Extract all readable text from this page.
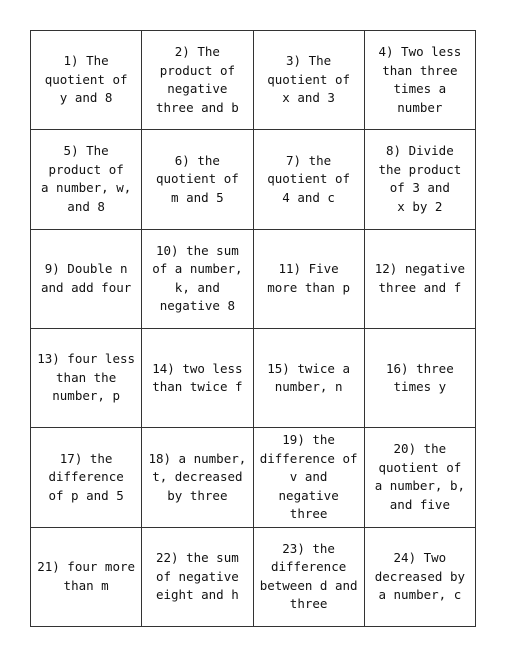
1) The
quotient of
y and 8
2) The
product of
negative
three and b
3) The
quotient of
x and 3
4) Two less
than three
times a
number
5) The
product of
a number, w,
and 8
6) the
quotient of
m and 5
7) the
quotient of
4 and c
8) Divide
the product
of 3 and
x by 2
9) Double n
and add four
10) the sum
of a number,
k, and
negative 8
11) Five
more than p
12) negative
three and f
13) four less
than the
number, p
14) two less
than twice f
15) twice a
number, n
16) three
times y
17) the
difference
of p and 5
18) a number,
t, decreased
by three
19) the
difference of
v and
negative
three
20) the
quotient of
a number, b,
and five
21) four more
than m
22) the sum
of negative
eight and h
23) the
difference
between d and
three
24) Two
decreased by
a number, c
